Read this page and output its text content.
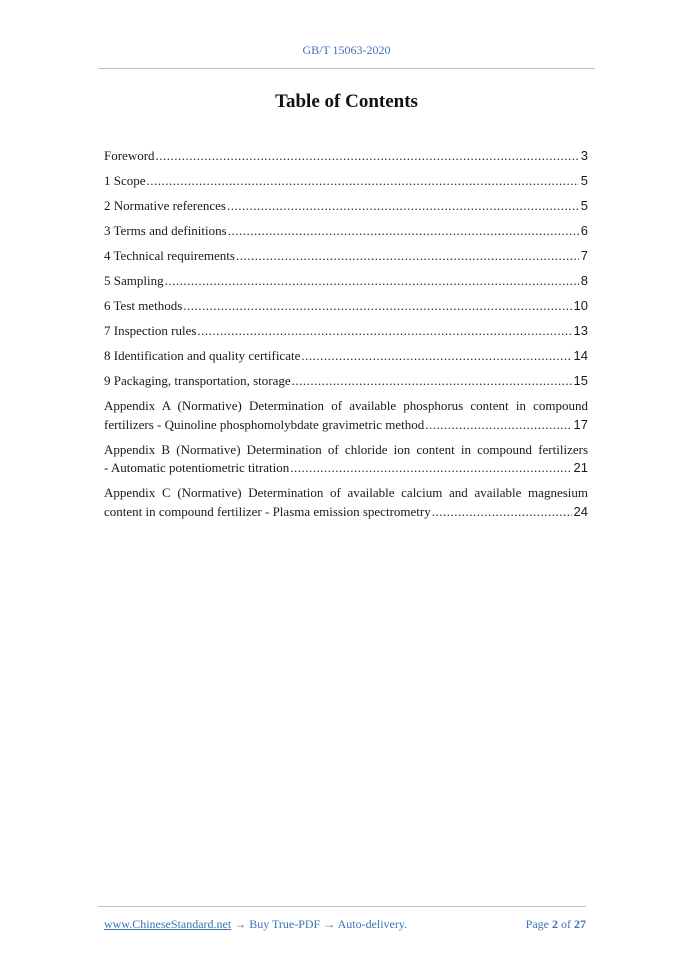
GB/T 15063-2020
Table of Contents
Foreword .....	3
1 Scope .....	5
2 Normative references .....	5
3 Terms and definitions .....	6
4 Technical requirements .....	7
5 Sampling .....	8
6 Test methods .....	10
7 Inspection rules .....	13
8 Identification and quality certificate .....	14
9 Packaging, transportation, storage .....	15
Appendix A (Normative) Determination of available phosphorus content in compound
fertilizers - Quinoline phosphomolybdate gravimetric method .....	17
Appendix B (Normative) Determination of chloride ion content in compound fertilizers
- Automatic potentiometric titration .....	21
Appendix C (Normative) Determination of available calcium and available magnesium
content in compound fertilizer - Plasma emission spectrometry .....	24
www.ChineseStandard.net → Buy True-PDF → Auto-delivery.	Page 2 of 27
